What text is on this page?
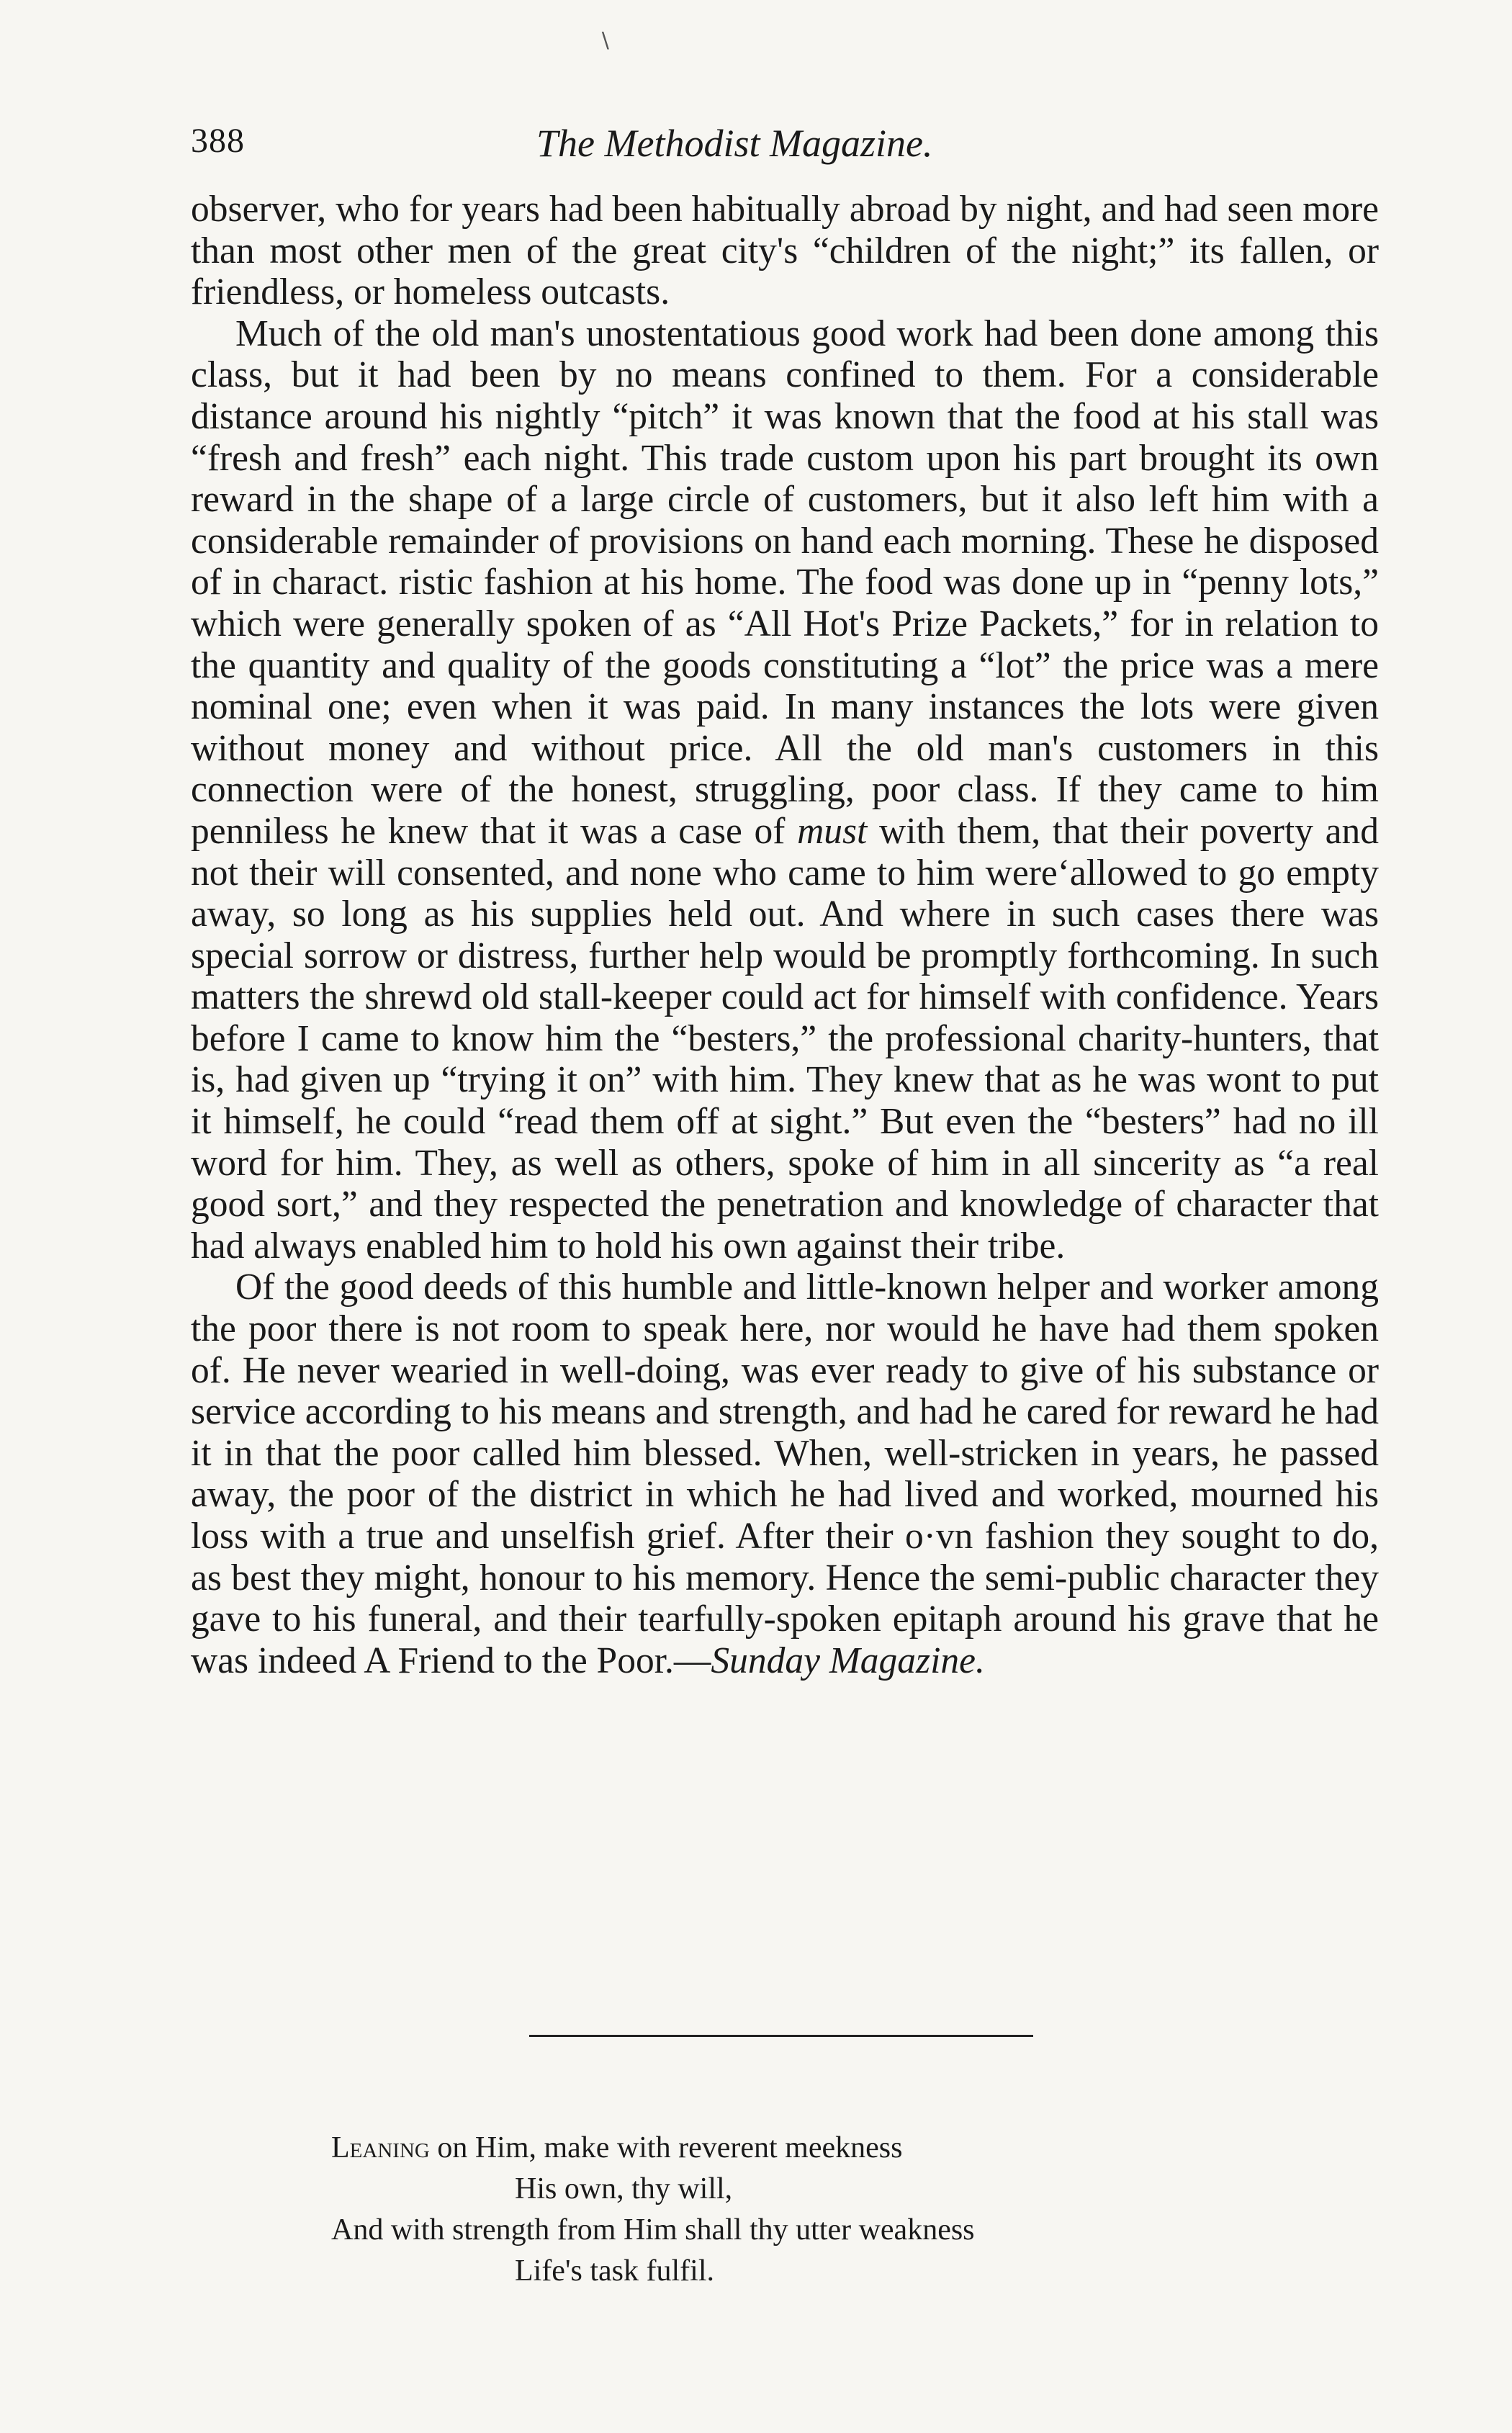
∖
388	The Methodist Magazine.

observer, who for years had been habitually abroad by night, and had seen more than most other men of the great city's “children of the night;” its fallen, or friendless, or homeless outcasts.

Much of the old man's unostentatious good work had been done among this class, but it had been by no means confined to them. For a considerable distance around his nightly “pitch” it was known that the food at his stall was “fresh and fresh” each night. This trade custom upon his part brought its own reward in the shape of a large circle of customers, but it also left him with a considerable remainder of provisions on hand each morning. These he disposed of in charact. ristic fashion at his home. The food was done up in “penny lots,” which were generally spoken of as “All Hot's Prize Packets,” for in relation to the quantity and quality of the goods constituting a “lot” the price was a mere nominal one; even when it was paid. In many instances the lots were given without money and without price. All the old man's customers in this connection were of the honest, struggling, poor class. If they came to him penniless he knew that it was a case of must with them, that their poverty and not their will consented, and none who came to him were‘allowed to go empty away, so long as his supplies held out. And where in such cases there was special sorrow or distress, further help would be promptly forthcoming. In such matters the shrewd old stall-keeper could act for himself with confidence. Years before I came to know him the “besters,” the professional charity-hunters, that is, had given up “trying it on” with him. They knew that as he was wont to put it himself, he could “read them off at sight.” But even the “besters” had no ill word for him. They, as well as others, spoke of him in all sincerity as “a real good sort,” and they respected the penetration and knowledge of character that had always enabled him to hold his own against their tribe.

Of the good deeds of this humble and little-known helper and worker among the poor there is not room to speak here, nor would he have had them spoken of. He never wearied in well-doing, was ever ready to give of his substance or service according to his means and strength, and had he cared for reward he had it in that the poor called him blessed. When, well-stricken in years, he passed away, the poor of the district in which he had lived and worked, mourned his loss with a true and unselfish grief. After their o·vn fashion they sought to do, as best they might, honour to his memory. Hence the semi-public character they gave to his funeral, and their tearfully-spoken epitaph around his grave that he was indeed A Friend to the Poor.—Sunday Magazine.

Leaning on Him, make with reverent meekness
His own, thy will,
And with strength from Him shall thy utter weakness
Life's task fulfil.
